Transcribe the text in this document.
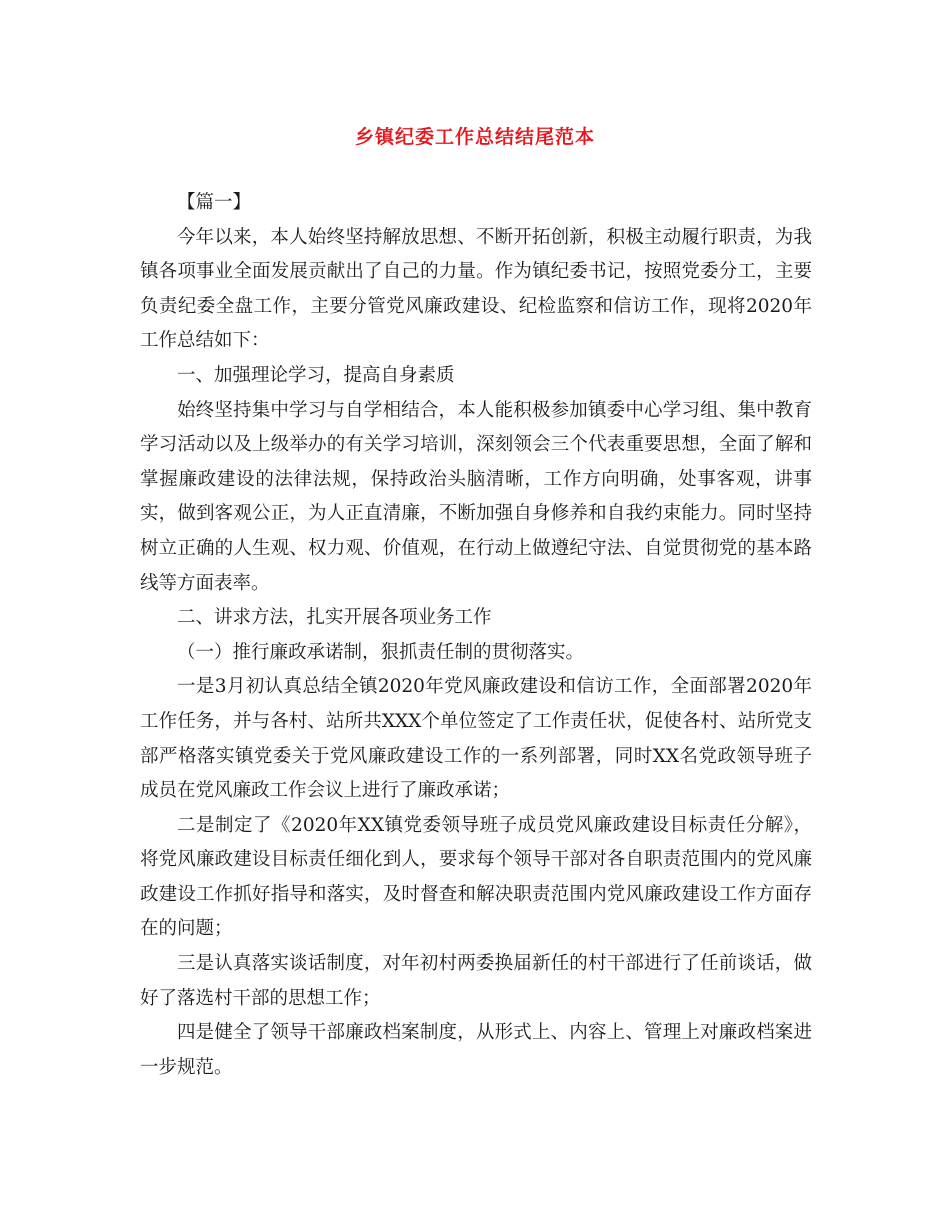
乡镇纪委工作总结结尾范本

【篇一】

今年以来，本人始终坚持解放思想、不断开拓创新，积极主动履行职责，为我镇各项事业全面发展贡献出了自己的力量。作为镇纪委书记，按照党委分工，主要负责纪委全盘工作，主要分管党风廉政建设、纪检监察和信访工作，现将2020年工作总结如下：

一、加强理论学习，提高自身素质

始终坚持集中学习与自学相结合，本人能积极参加镇委中心学习组、集中教育学习活动以及上级举办的有关学习培训，深刻领会三个代表重要思想，全面了解和掌握廉政建设的法律法规，保持政治头脑清晰，工作方向明确，处事客观，讲事实，做到客观公正，为人正直清廉，不断加强自身修养和自我约束能力。同时坚持树立正确的人生观、权力观、价值观，在行动上做遵纪守法、自觉贯彻党的基本路线等方面表率。

二、讲求方法，扎实开展各项业务工作

（一）推行廉政承诺制，狠抓责任制的贯彻落实。

一是3月初认真总结全镇2020年党风廉政建设和信访工作，全面部署2020年工作任务，并与各村、站所共XXX个单位签定了工作责任状，促使各村、站所党支部严格落实镇党委关于党风廉政建设工作的一系列部署，同时XX名党政领导班子成员在党风廉政工作会议上进行了廉政承诺；

二是制定了《2020年XX镇党委领导班子成员党风廉政建设目标责任分解》，将党风廉政建设目标责任细化到人，要求每个领导干部对各自职责范围内的党风廉政建设工作抓好指导和落实，及时督查和解决职责范围内党风廉政建设工作方面存在的问题；

三是认真落实谈话制度，对年初村两委换届新任的村干部进行了任前谈话，做好了落选村干部的思想工作；

四是健全了领导干部廉政档案制度，从形式上、内容上、管理上对廉政档案进一步规范。
